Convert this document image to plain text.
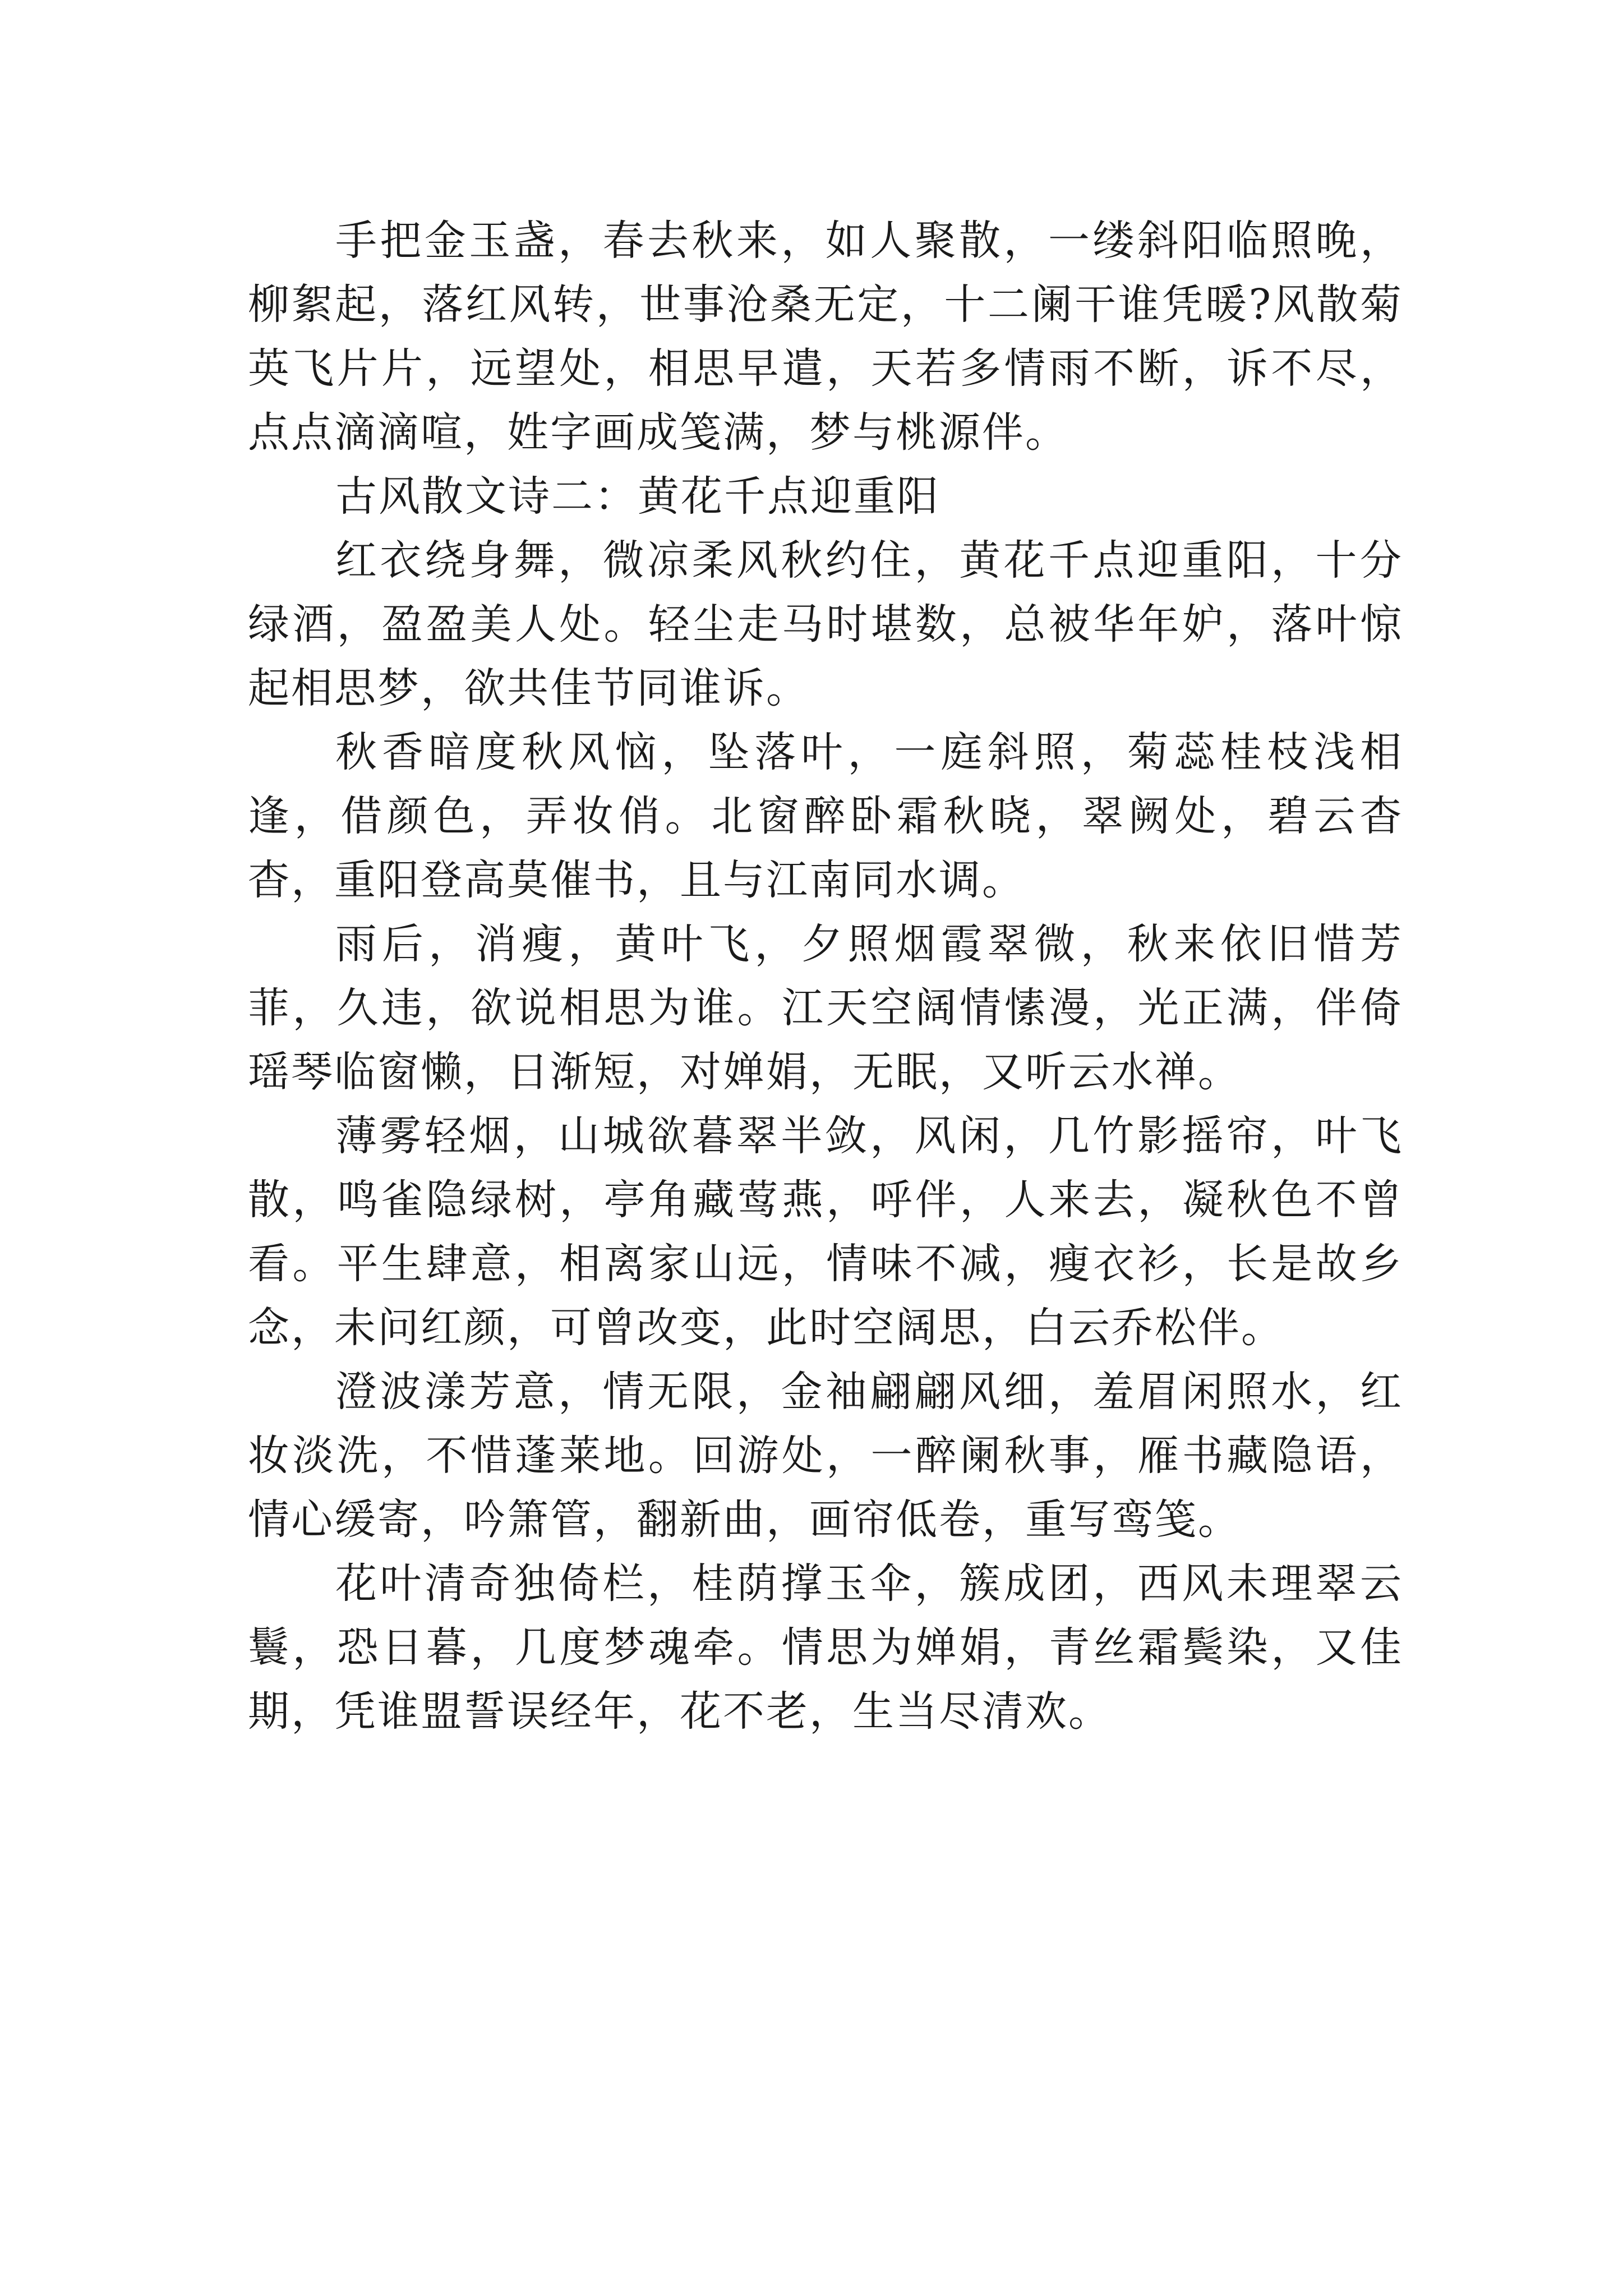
手把金玉盏，春去秋来，如人聚散，一缕斜阳临照晚，柳絮起，落红风转，世事沧桑无定，十二阑干谁凭暖?风散菊英飞片片，远望处，相思早遣，天若多情雨不断，诉不尽，点点滴滴喧，姓字画成笺满，梦与桃源伴。

古风散文诗二：黄花千点迎重阳

红衣绕身舞，微凉柔风秋约住，黄花千点迎重阳，十分绿酒，盈盈美人处。轻尘走马时堪数，总被华年妒，落叶惊起相思梦，欲共佳节同谁诉。

秋香暗度秋风恼，坠落叶，一庭斜照，菊蕊桂枝浅相逢，借颜色，弄妆俏。北窗醉卧霜秋晓，翠阙处，碧云杳杳，重阳登高莫催书，且与江南同水调。

雨后，消瘦，黄叶飞，夕照烟霞翠微，秋来依旧惜芳菲，久违，欲说相思为谁。江天空阔情愫漫，光正满，伴倚瑶琴临窗懒，日渐短，对婵娟，无眠，又听云水禅。

薄雾轻烟，山城欲暮翠半敛，风闲，几竹影摇帘，叶飞散，鸣雀隐绿树，亭角藏莺燕，呼伴，人来去，凝秋色不曾看。平生肆意，相离家山远，情味不减，瘦衣衫，长是故乡念，未问红颜，可曾改变，此时空阔思，白云乔松伴。

澄波漾芳意，情无限，金袖翩翩风细，羞眉闲照水，红妆淡洗，不惜蓬莱地。回游处，一醉阑秋事，雁书藏隐语，情心缓寄，吟箫管，翻新曲，画帘低卷，重写鸾笺。

花叶清奇独倚栏，桂荫撑玉伞，簇成团，西风未理翠云鬟，恐日暮，几度梦魂牵。情思为婵娟，青丝霜鬓染，又佳期，凭谁盟誓误经年，花不老，生当尽清欢。
